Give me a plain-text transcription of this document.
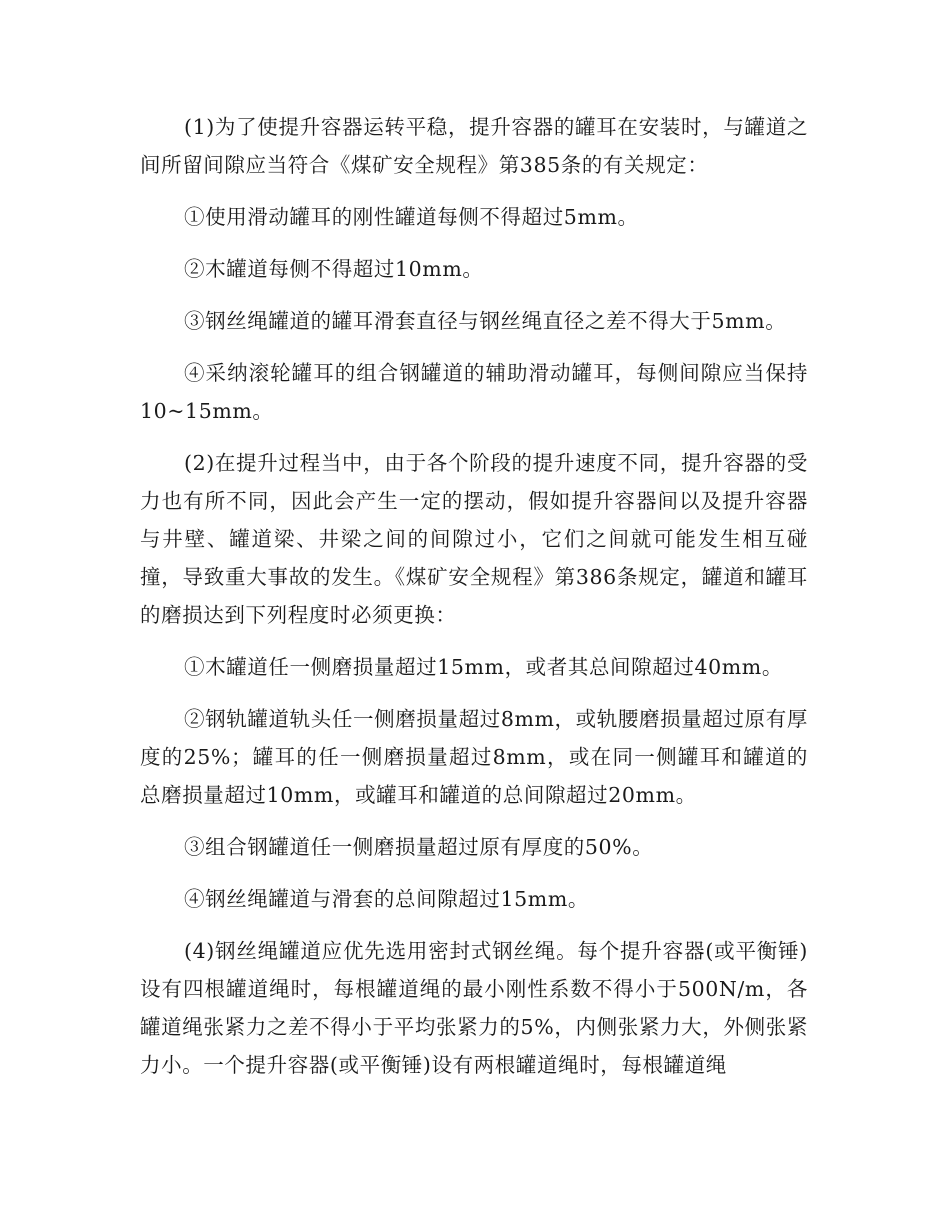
(1)为了使提升容器运转平稳，提升容器的罐耳在安装时，与罐道之间所留间隙应当符合《煤矿安全规程》第385条的有关规定：

①使用滑动罐耳的刚性罐道每侧不得超过5mm。

②木罐道每侧不得超过10mm。

③钢丝绳罐道的罐耳滑套直径与钢丝绳直径之差不得大于5mm。

④采纳滚轮罐耳的组合钢罐道的辅助滑动罐耳，每侧间隙应当保持10~15mm。

(2)在提升过程当中，由于各个阶段的提升速度不同，提升容器的受力也有所不同，因此会产生一定的摆动，假如提升容器间以及提升容器与井壁、罐道梁、井梁之间的间隙过小，它们之间就可能发生相互碰撞，导致重大事故的发生。《煤矿安全规程》第386条规定，罐道和罐耳的磨损达到下列程度时必须更换：

①木罐道任一侧磨损量超过15mm，或者其总间隙超过40mm。

②钢轨罐道轨头任一侧磨损量超过8mm，或轨腰磨损量超过原有厚度的25%；罐耳的任一侧磨损量超过8mm，或在同一侧罐耳和罐道的总磨损量超过10mm，或罐耳和罐道的总间隙超过20mm。

③组合钢罐道任一侧磨损量超过原有厚度的50%。

④钢丝绳罐道与滑套的总间隙超过15mm。

(4)钢丝绳罐道应优先选用密封式钢丝绳。每个提升容器(或平衡锤)设有四根罐道绳时，每根罐道绳的最小刚性系数不得小于500N/m，各罐道绳张紧力之差不得小于平均张紧力的5%，内侧张紧力大，外侧张紧力小。一个提升容器(或平衡锤)设有两根罐道绳时，每根罐道绳
